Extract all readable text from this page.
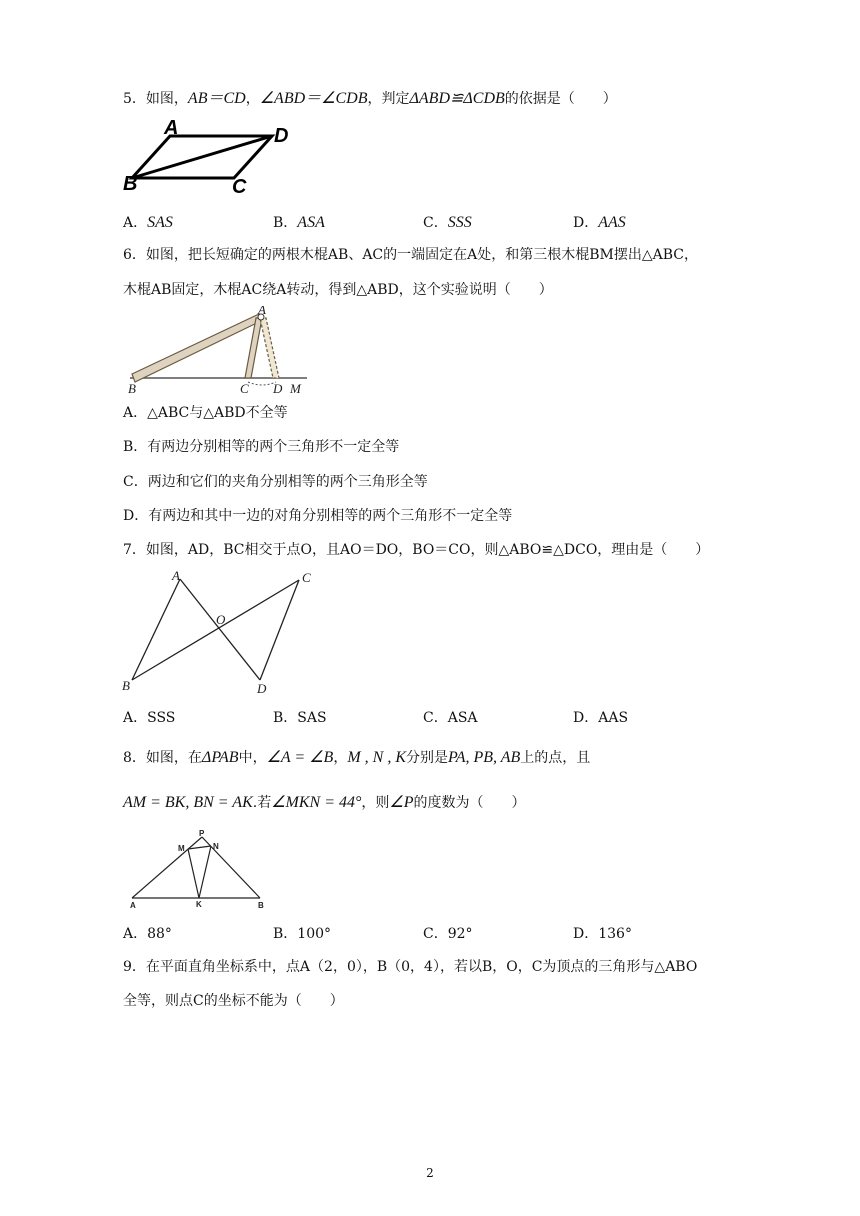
5．如图，AB＝CD，∠ABD＝∠CDB，判定ΔABD≌ΔCDB的依据是（　　）
A	D
B	C
A．SAS	B．ASA	C．SSS	D．AAS
6．如图，把长短确定的两根木棍AB、AC的一端固定在A处，和第三根木棍BM摆出△ABC，
木棍AB固定，木棍AC绕A转动，得到△ABD，这个实验说明（　　）
A
B	C D M
A．△ABC与△ABD不全等
B．有两边分别相等的两个三角形不一定全等
C．两边和它们的夹角分别相等的两个三角形全等
D．有两边和其中一边的对角分别相等的两个三角形不一定全等
7．如图，AD，BC相交于点O，且AO＝DO，BO＝CO，则△ABO≌△DCO，理由是（　　）
A	C
O
B	D
A．SSS	B．SAS	C．ASA	D．AAS
8．如图，在ΔPAB中，∠A = ∠B，M , N , K分别是PA, PB, AB上的点，且
AM = BK, BN = AK.若∠MKN = 44°，则∠P的度数为（　　）
P
M	N
A	K	B
A．88°	B．100°	C．92°	D．136°
9．在平面直角坐标系中，点A（2，0），B（0，4），若以B，O，C为顶点的三角形与△ABO
全等，则点C的坐标不能为（　　）
2
